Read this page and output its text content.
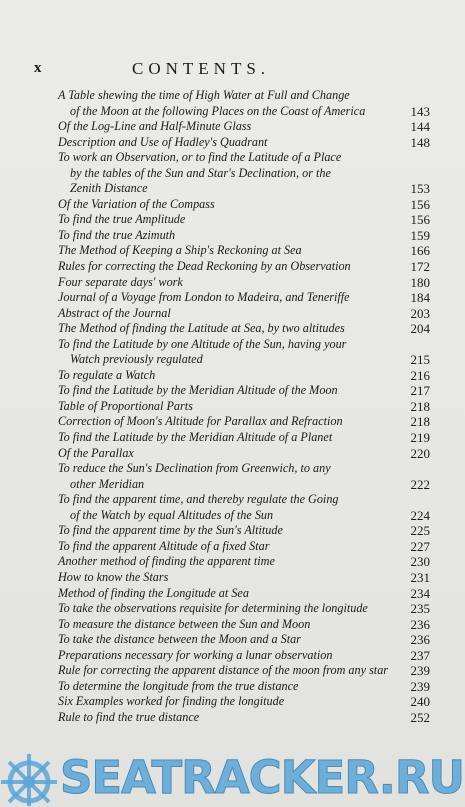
x	CONTENTS.
A Table shewing the time of High Water at Full and Change
of the Moon at the following Places on the Coast of America	143
Of the Log-Line and Half-Minute Glass	144
Description and Use of Hadley's Quadrant	148
To work an Observation, or to find the Latitude of a Place
by the tables of the Sun and Star's Declination, or the
Zenith Distance	153
Of the Variation of the Compass	156
To find the true Amplitude	156
To find the true Azimuth	159
The Method of Keeping a Ship's Reckoning at Sea	166
Rules for correcting the Dead Reckoning by an Observation	172
Four separate days' work	180
Journal of a Voyage from London to Madeira, and Teneriffe	184
Abstract of the Journal	203
The Method of finding the Latitude at Sea, by two altitudes	204
To find the Latitude by one Altitude of the Sun, having your
Watch previously regulated	215
To regulate a Watch	216
To find the Latitude by the Meridian Altitude of the Moon	217
Table of Proportional Parts	218
Correction of Moon's Altitude for Parallax and Refraction	218
To find the Latitude by the Meridian Altitude of a Planet	219
Of the Parallax	220
To reduce the Sun's Declination from Greenwich, to any
other Meridian	222
To find the apparent time, and thereby regulate the Going
of the Watch by equal Altitudes of the Sun	224
To find the apparent time by the Sun's Altitude	225
To find the apparent Altitude of a fixed Star	227
Another method of finding the apparent time	230
How to know the Stars	231
Method of finding the Longitude at Sea	234
To take the observations requisite for determining the longitude	235
To measure the distance between the Sun and Moon	236
To take the distance between the Moon and a Star	236
Preparations necessary for working a lunar observation	237
Rule for correcting the apparent distance of the moon from any star	239
To determine the longitude from the true distance	239
Six Examples worked for finding the longitude	240
Rule to find the true distance	252
SEATRACKER.RU
